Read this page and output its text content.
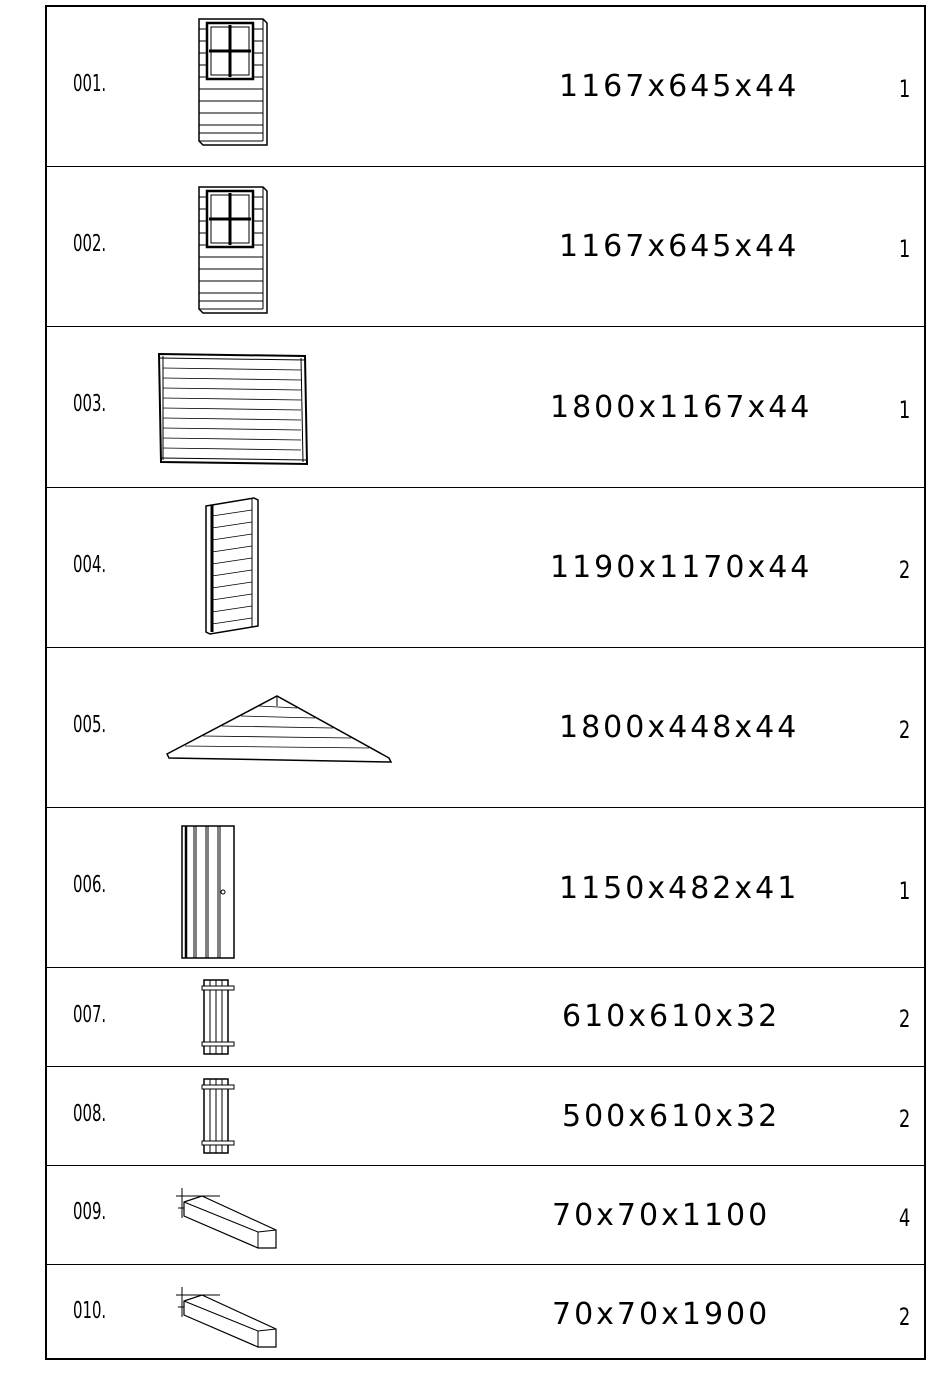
001.	1167x645x44	1
002.	1167x645x44	1
003.	1800x1167x44	1
004.	1190x1170x44	2
005.	1800x448x44	2
006.	1150x482x41	1
007.	610x610x32	2
008.	500x610x32	2
009.	70x70x1100	4
010.	70x70x1900	2
